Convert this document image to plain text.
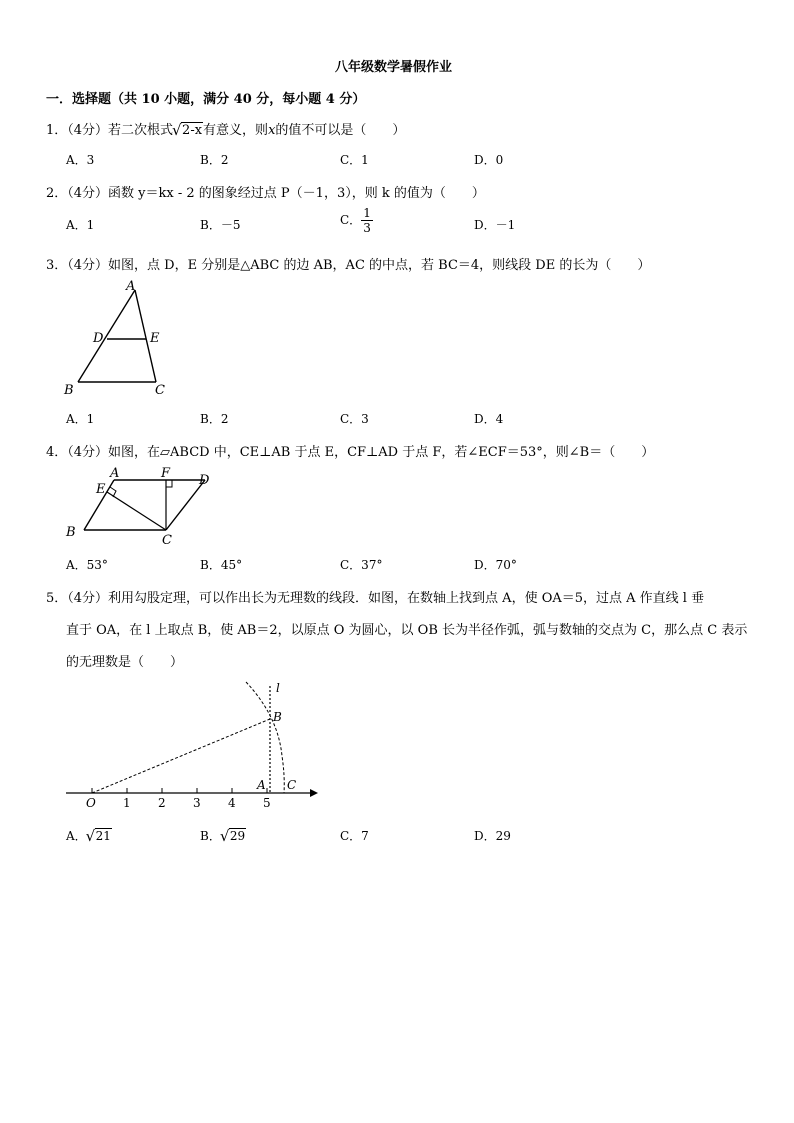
八年级数学暑假作业
一．选择题（共 10 小题，满分 40 分，每小题 4 分）
1．（4分）若二次根式 √ 2-x有意义，则x的值不可以是（　　）
A．3	B．2	C．1	D．0
2．（4分）函数 y＝kx - 2 的图象经过点 P（－1，3），则 k 的值为（　　）
A．1	B．－5	C． $\frac{1}{3}$	D．－1
3．（4分）如图，点 D，E 分别是△ABC 的边 AB，AC 的中点，若 BC＝4，则线段 DE 的长为（　　）
A
D	E
B	C
A．1	B．2	C．3	D．4
4．（4分）如图，在▱ABCD 中，CE⊥AB 于点 E，CF⊥AD 于点 F，若∠ECF＝53°，则∠B＝（　　）
A	F D
E
B
C
A．53°	B．45°	C．37°	D．70°
5．（4分）利用勾股定理，可以作出长为无理数的线段．如图，在数轴上找到点 A，使 OA＝5，过点 A 作直线 l 垂
直于 OA，在 l 上取点 B，使 AB＝2，以原点 O 为圆心，以 OB 长为半径作弧，弧与数轴的交点为 C，那么点 C 表示
的无理数是（　　）
l
B
A C
O 1 2 3 4 5
A． √ 21	B． √ 29	C．7	D．29
